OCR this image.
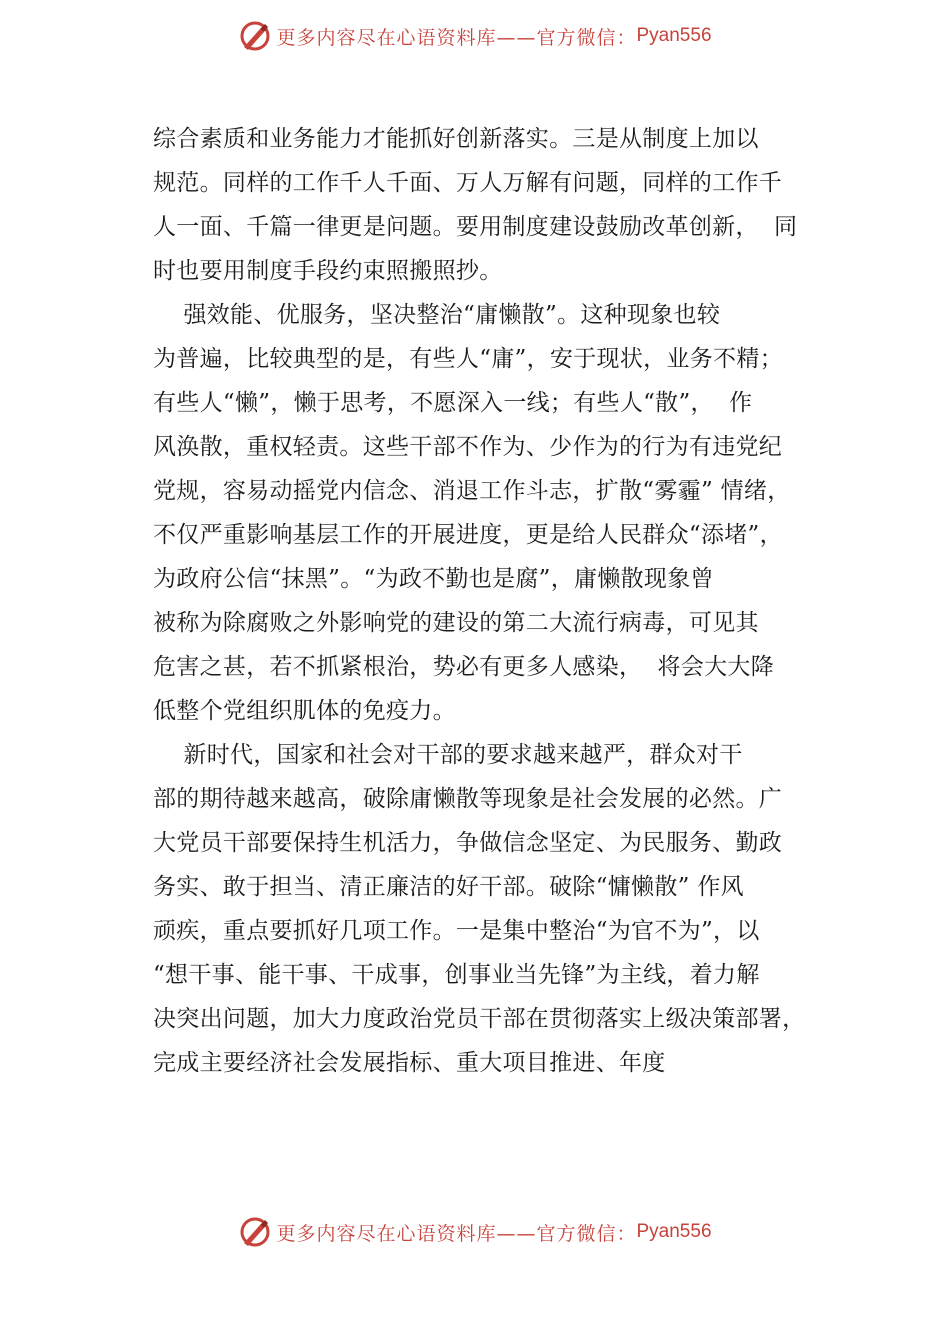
更多内容尽在心语资料库——官方微信： Pyan556
综合素质和业务能力才能抓好创新落实。三是从制度上加以
规范。同样的工作千人千面、万人万解有问题，同样的工作千
人一面、千篇一律更是问题。要用制度建设鼓励改革创新，  同
时也要用制度手段约束照搬照抄。
强效能、优服务，坚决整治“庸懒散”。这种现象也较
为普遍，比较典型的是，有些人“庸”，安于现状，业务不精；
有些人“懒”，懒于思考，不愿深入一线；有些人“散”，  作
风涣散，重权轻责。这些干部不作为、少作为的行为有违党纪
党规，容易动摇党内信念、消退工作斗志，扩散“雾霾” 情绪，
不仅严重影响基层工作的开展进度，更是给人民群众“添堵”，
为政府公信“抹黑”。“为政不勤也是腐”，庸懒散现象曾
被称为除腐败之外影响党的建设的第二大流行病毒，可见其
危害之甚，若不抓紧根治，势必有更多人感染，  将会大大降
低整个党组织肌体的免疫力。
新时代，国家和社会对干部的要求越来越严，群众对干
部的期待越来越高，破除庸懒散等现象是社会发展的必然。广
大党员干部要保持生机活力，争做信念坚定、为民服务、勤政
务实、敢于担当、清正廉洁的好干部。破除“慵懒散” 作风
顽疾，重点要抓好几项工作。一是集中整治“为官不为”，以
“想干事、能干事、干成事，创事业当先锋”为主线，着力解
决突出问题，加大力度政治党员干部在贯彻落实上级决策部署，
完成主要经济社会发展指标、重大项目推进、年度
更多内容尽在心语资料库——官方微信： Pyan556
